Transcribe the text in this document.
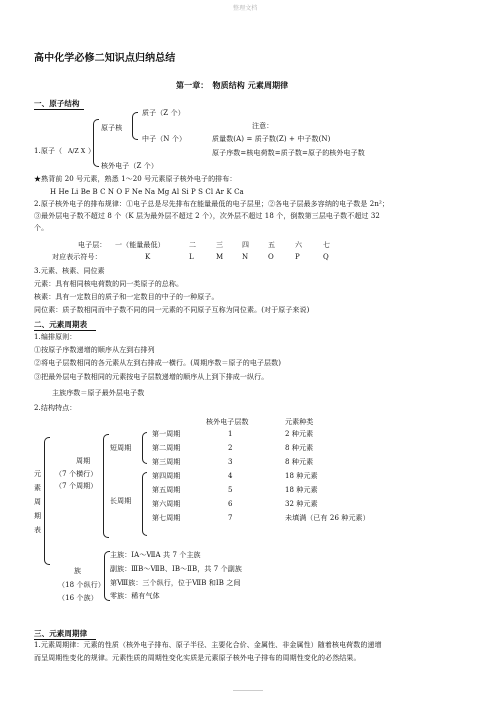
整理文档
高中化学必修二知识点归纳总结
第一章：　物质结构 元素周期律
一、原子结构
1.原子（ A/Z X ）
原子核
质子（Z 个）
中子（N 个）
核外电子（Z 个）
注意：
质量数(A) = 质子数(Z) + 中子数(N)
原子序数=核电荷数=质子数=原子的核外电子数
★熟背前 20 号元素，熟悉 1～20 号元素原子核外电子的排布：
H He Li Be B C N O F Ne Na Mg Al Si P S Cl Ar K Ca
2.原子核外电子的排布规律：①电子总是尽先排布在能量最低的电子层里；②各电子层最多容纳的电子数是 2n²；
③最外层电子数不超过 8 个（K 层为最外层不超过 2 个），次外层不超过 18 个，倒数第三层电子数不超过 32
个。
电子层： 一（能量最低）	二	三	四	五	六	七
对应表示符号：	K	L	M	N	O	P	Q
3.元素、核素、同位素
元素：具有相同核电荷数的同一类原子的总称。
核素：具有一定数目的质子和一定数目的中子的一种原子。
同位素：质子数相同而中子数不同的同一元素的不同原子互称为同位素。(对于原子来说)
二、元素周期表
1.编排原则：
①按原子序数递增的顺序从左到右排列
②将电子层数相同的各元素从左到右排成一横行。(周期序数＝原子的电子层数)
③把最外层电子数相同的元素按电子层数递增的顺序从上到下排成一纵行。
主族序数＝原子最外层电子数
2.结构特点：
核外电子层数	元素种类
元
素
周
期
表
周期
（7 个横行）
（7 个周期）
短周期
长周期
第一周期	1	2 种元素
第二周期	2	8 种元素
第三周期	3	8 种元素
第四周期	4	18 种元素
第五周期	5	18 种元素
第六周期	6	32 种元素
第七周期	7	未填满（已有 26 种元素）
族
（18 个纵行）
（16 个族）
主族：ⅠA～ⅦA 共 7 个主族
副族：ⅢB～ⅦB、ⅠB～ⅡB，共 7 个副族
第Ⅷ族：三个纵行，位于ⅦB 和ⅠB 之间
零族：稀有气体
三、元素周期律
1.元素周期律：元素的性质（核外电子排布、原子半径、主要化合价、金属性、非金属性）随着核电荷数的递增
而呈周期性变化的规律。元素性质的周期性变化实质是元素原子核外电子排布的周期性变化的必然结果。
